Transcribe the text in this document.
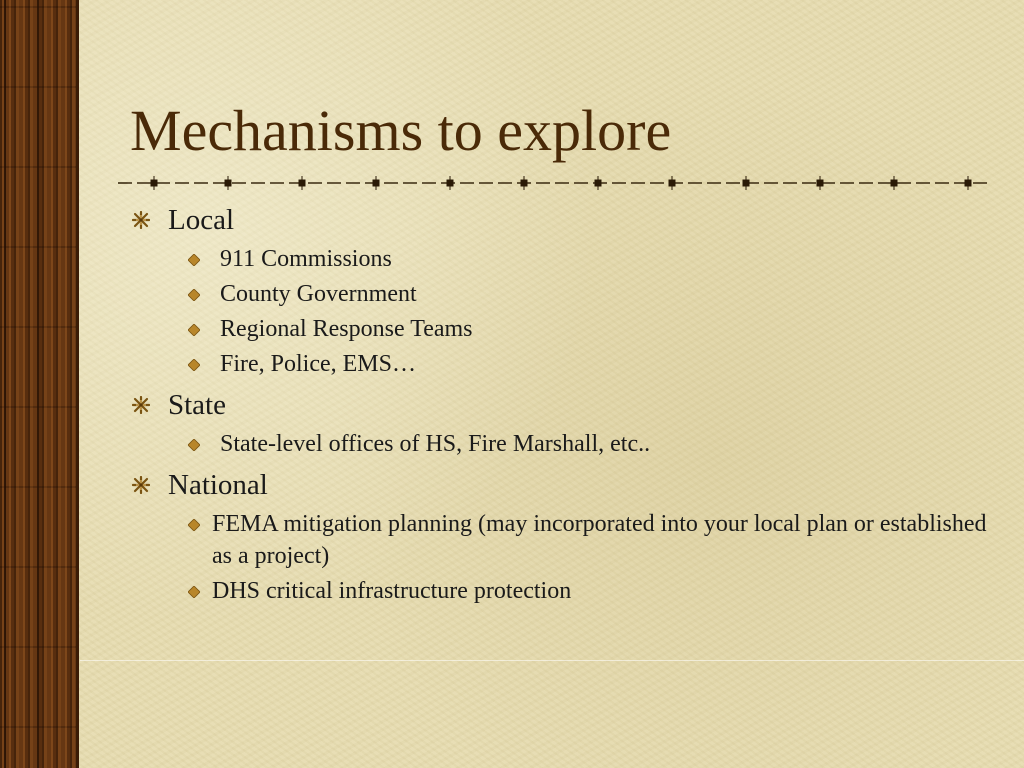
Mechanisms to explore
Local
911 Commissions
County Government
Regional Response Teams
Fire, Police, EMS…
State
State-level offices of HS, Fire Marshall, etc..
National
FEMA mitigation planning (may incorporated into your local plan or established as a project)
DHS critical infrastructure protection
